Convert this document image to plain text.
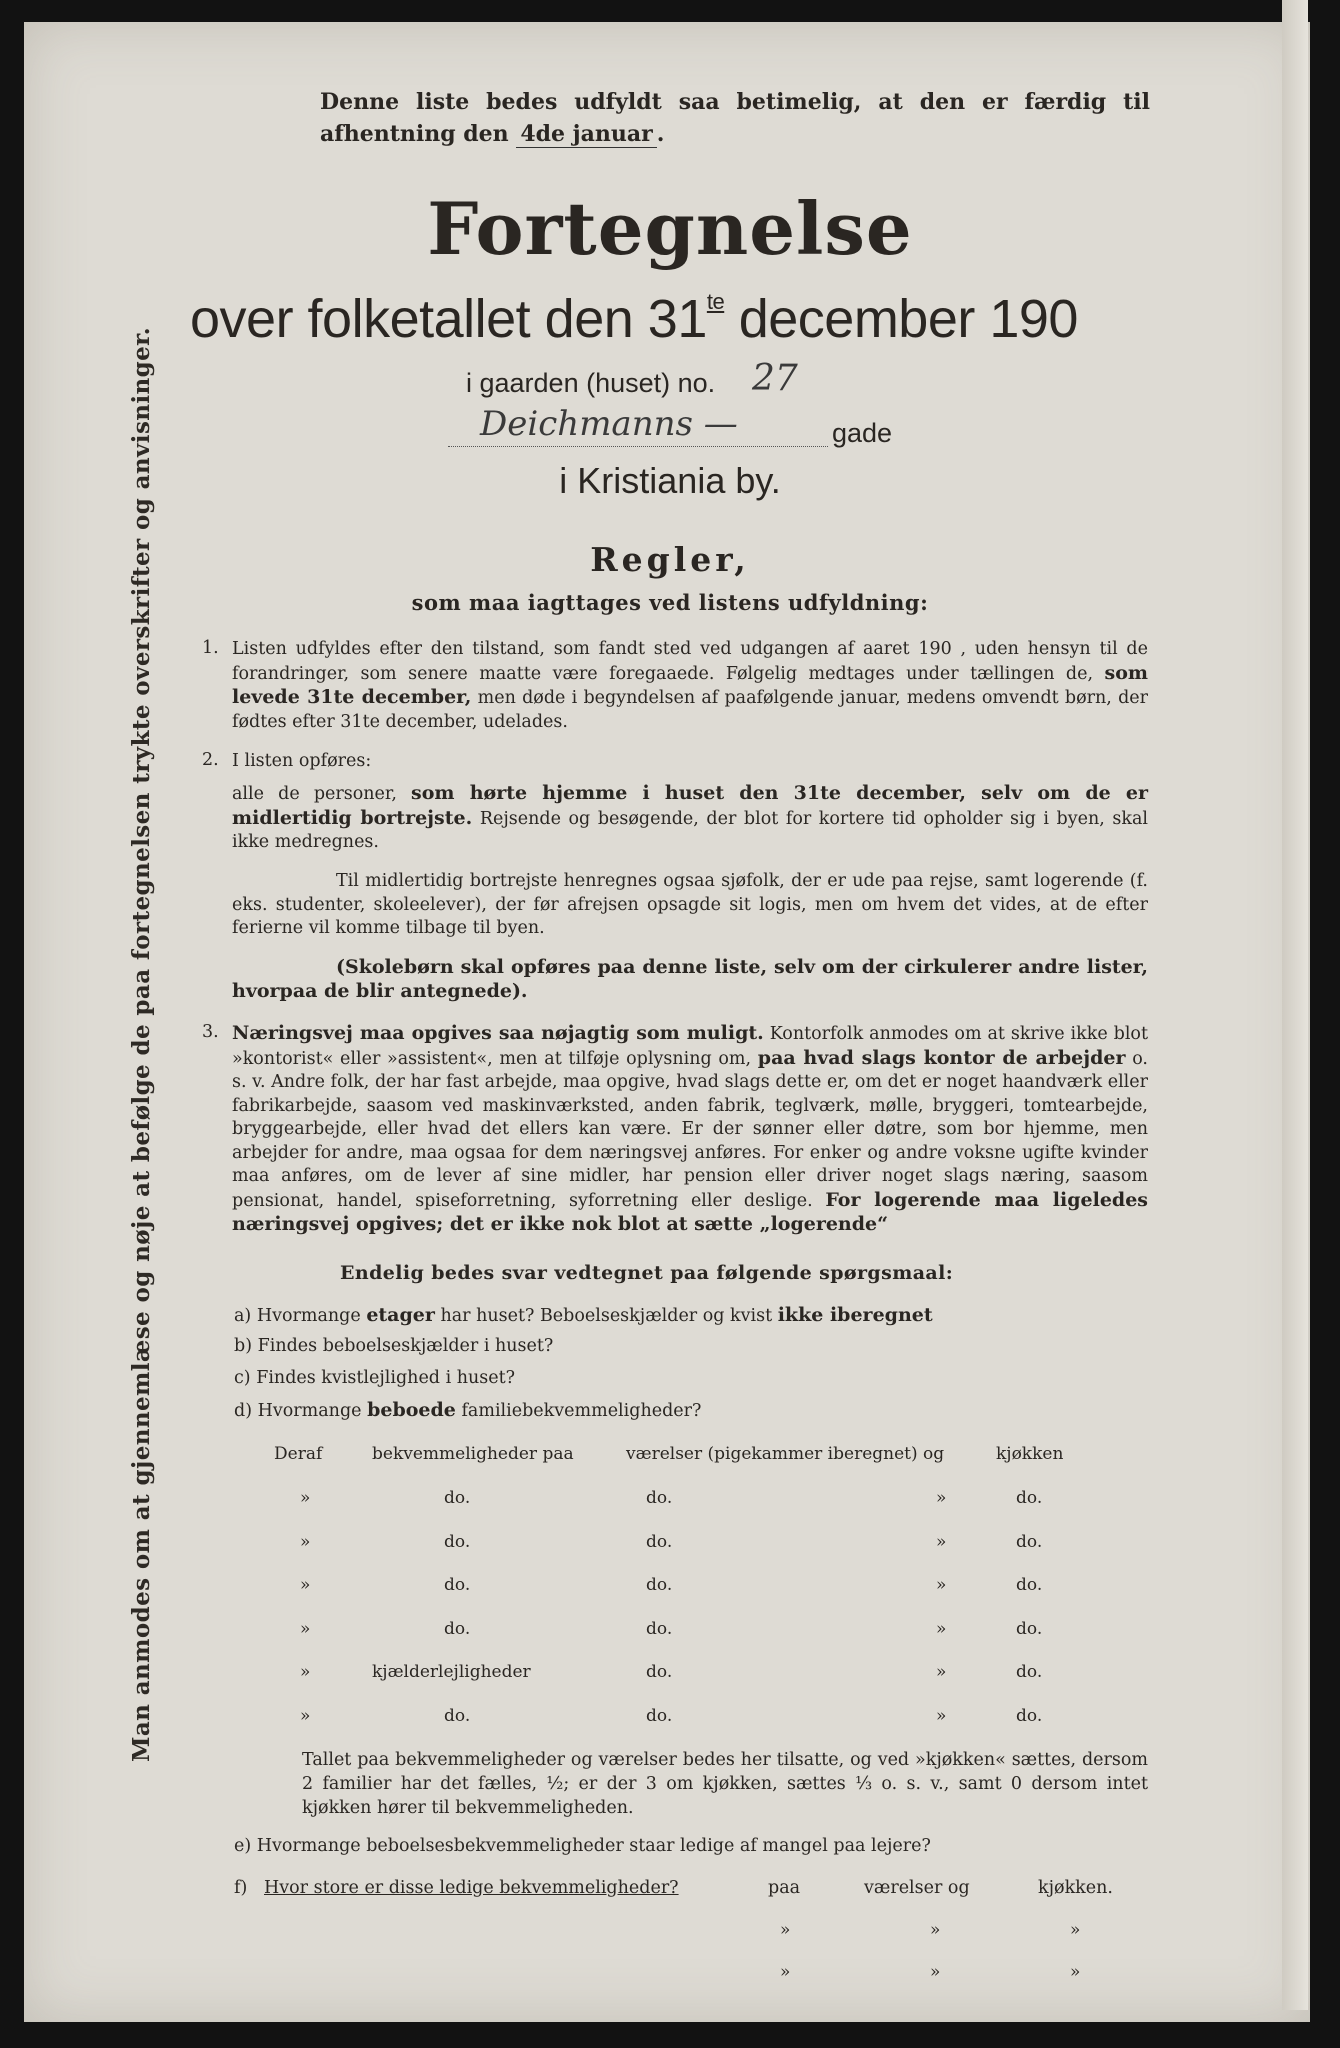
Man anmodes om at gjennemlæse og nøje at befølge de paa fortegnelsen trykte overskrifter og anvisninger.
Denne liste bedes udfyldt saa betimelig, at den er færdig til afhentning den 4de januar .
Fortegnelse
over folketallet den $31^{te}$ december 190
i gaarden (huset) no. 27
Deichmanns —	gade
i Kristiania by.
Regler,
som maa iagttages ved listens udfyldning:
1. Listen udfyldes efter den tilstand, som fandt sted ved udgangen af aaret 190 , uden hensyn til de forandringer, som senere maatte være foregaaede. Følgelig medtages under tællingen de, som levede 31te december, men døde i begyndelsen af paafølgende januar, medens omvendt børn, der fødtes efter 31te december, udelades.
2. I listen opføres:
alle de personer, som hørte hjemme i huset den 31te december, selv om de er midlertidig bortrejste. Rejsende og besøgende, der blot for kortere tid opholder sig i byen, skal ikke medregnes.
Til midlertidig bortrejste henregnes ogsaa sjøfolk, der er ude paa rejse, samt logerende (f. eks. studenter, skoleelever), der før afrejsen opsagde sit logis, men om hvem det vides, at de efter ferierne vil komme tilbage til byen.
(Skolebørn skal opføres paa denne liste, selv om der cirkulerer andre lister, hvorpaa de blir antegnede).
3. Næringsvej maa opgives saa nøjagtig som muligt. Kontorfolk anmodes om at skrive ikke blot »kontorist« eller »assistent«, men at tilføje oplysning om, paa hvad slags kontor de arbejder o. s. v. Andre folk, der har fast arbejde, maa opgive, hvad slags dette er, om det er noget haandværk eller fabrikarbejde, saasom ved maskinværksted, anden fabrik, teglværk, mølle, bryggeri, tomtearbejde, bryggearbejde, eller hvad det ellers kan være. Er der sønner eller døtre, som bor hjemme, men arbejder for andre, maa ogsaa for dem næringsvej anføres. For enker og andre voksne ugifte kvinder maa anføres, om de lever af sine midler, har pension eller driver noget slags næring, saasom pensionat, handel, spiseforretning, syforretning eller deslige. For logerende maa ligeledes næringsvej opgives; det er ikke nok blot at sætte „logerende“
Endelig bedes svar vedtegnet paa følgende spørgsmaal:
a) Hvormange etager har huset? Beboelseskjælder og kvist ikke iberegnet
b) Findes beboelseskjælder i huset?
c) Findes kvistlejlighed i huset?
d) Hvormange beboede familiebekvemmeligheder?
Deraf	bekvemmeligheder paa	værelser (pigekammer iberegnet) og	kjøkken
»	do.	do.	»	do.
»	do.	do.	»	do.
»	do.	do.	»	do.
»	do.	do.	»	do.
»	kjælderlejligheder	do.	»	do.
»	do.	do.	»	do.
Tallet paa bekvemmeligheder og værelser bedes her tilsatte, og ved »kjøkken« sættes, dersom 2 familier har det fælles, ½; er der 3 om kjøkken, sættes ⅓ o. s. v., samt 0 dersom intet kjøkken hører til bekvemmeligheden.
e) Hvormange beboelsesbekvemmeligheder staar ledige af mangel paa lejere?
f) Hvor store er disse ledige bekvemmeligheder?	paa	værelser og	kjøkken.
»	»	»
»	»	»
